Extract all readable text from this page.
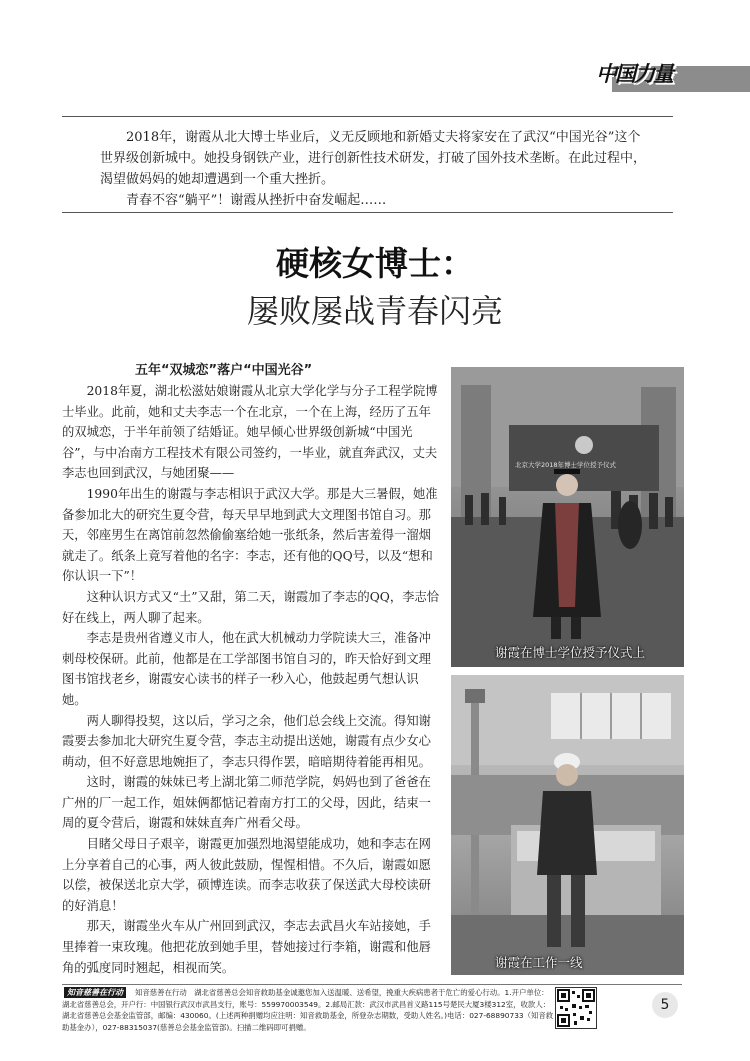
中国力量

2018年，谢霞从北大博士毕业后，义无反顾地和新婚丈夫将家安在了武汉“中国光谷”这个世界级创新城中。她投身钢铁产业，进行创新性技术研发，打破了国外技术垄断。在此过程中，渴望做妈妈的她却遭遇到一个重大挫折。

青春不容“躺平”！谢霞从挫折中奋发崛起……

硬核女博士：
屡败屡战青春闪亮
五年“双城恋”落户“中国光谷”

2018年夏，湖北松滋姑娘谢霞从北京大学化学与分子工程学院博士毕业。此前，她和丈夫李志一个在北京，一个在上海，经历了五年的双城恋，于半年前领了结婚证。她早倾心世界级创新城“中国光谷”，与中冶南方工程技术有限公司签约，一毕业，就直奔武汉，丈夫李志也回到武汉，与她团聚——

1990年出生的谢霞与李志相识于武汉大学。那是大三暑假，她准备参加北大的研究生夏令营，每天早早地到武大文理图书馆自习。那天，邻座男生在离馆前忽然偷偷塞给她一张纸条，然后害羞得一溜烟就走了。纸条上竟写着他的名字：李志，还有他的QQ号，以及“想和你认识一下”！

这种认识方式又“土”又甜，第二天，谢霞加了李志的QQ，李志恰好在线上，两人聊了起来。

李志是贵州省遵义市人，他在武大机械动力学院读大三，准备冲刺母校保研。此前，他都是在工学部图书馆自习的，昨天恰好到文理图书馆找老乡，谢霞安心读书的样子一秒入心，他鼓起勇气想认识她。

两人聊得投契，这以后，学习之余，他们总会线上交流。得知谢霞要去参加北大研究生夏令营，李志主动提出送她，谢霞有点少女心萌动，但不好意思地婉拒了，李志只得作罢，暗暗期待着能再相见。

这时，谢霞的妹妹已考上湖北第二师范学院，妈妈也到了爸爸在广州的厂一起工作，姐妹俩都惦记着南方打工的父母，因此，结束一周的夏令营后，谢霞和妹妹直奔广州看父母。

目睹父母日子艰辛，谢霞更加强烈地渴望能成功，她和李志在网上分享着自己的心事，两人彼此鼓励，惺惺相惜。不久后，谢霞如愿以偿，被保送北京大学，硕博连读。而李志收获了保送武大母校读研的好消息！

那天，谢霞坐火车从广州回到武汉，李志去武昌火车站接她，手里捧着一束玫瑰。他把花放到她手里，替她接过行李箱，谢霞和他唇角的弧度同时翘起，相视而笑。

北京大学2018年博士学位授予仪式
谢霞在博士学位授予仪式上
谢霞在工作一线
知音慈善在行动　湖北省慈善总会知音救助基金诚邀您加入送温暖、送希望，挽重大疾病患者于危亡的爱心行动。1.开户单位：湖北省慈善总会，开户行：中国银行武汉市武昌支行，账号：559970003549。2.邮局汇款：武汉市武昌首义路115号楚民大厦3楼312室，收款人：湖北省慈善总会基金监管部，邮编：430060。(上述两种捐赠均应注明：知音救助基金，所登杂志期数，受助人姓名。)电话：027-68890733（知音救助基金办），027-88315037(慈善总会基金监管部)。扫描二维码即可捐赠。
知音慈善在行动
5
